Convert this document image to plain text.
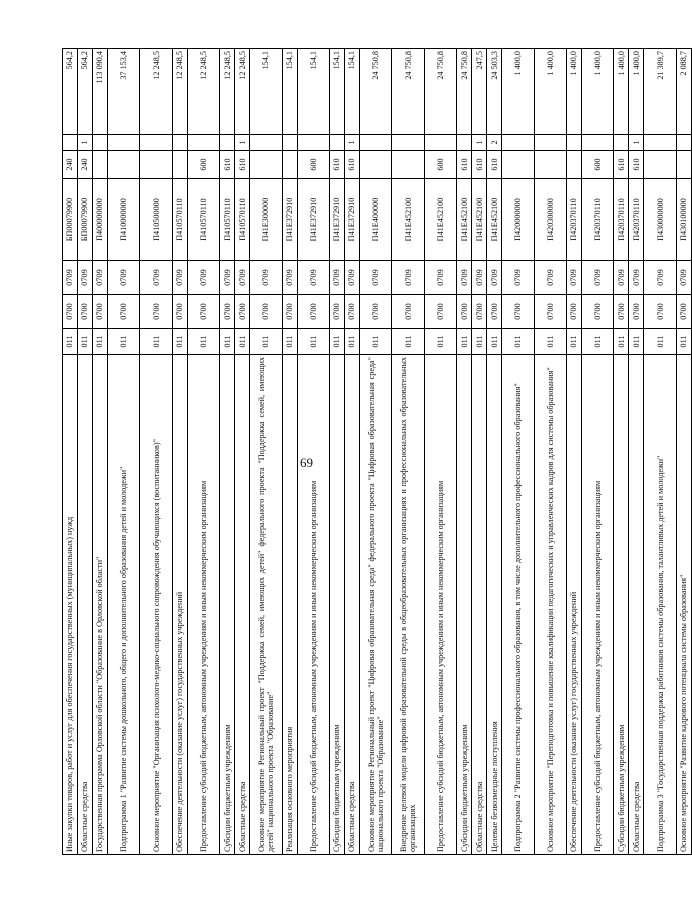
69
Иные закупки товаров, работ и услуг для обеспечения государственных (муниципальных) нужд	011	0700	0709	БП00079900	240		564,2
Областные средства	011	0700	0709	БП00079900	240	1	564,2
Государственная программа Орловской области "Образование в Орловской области"	011	0700	0709	П400000000			113 090,4
Подпрограмма 1 "Развитие системы дошкольного, общего и дополнительного образования детей и молодежи"	011	0700	0709	П410000000			37 153,4
Основное мероприятие "Организация психолого-медико-социального сопровождения обучающихся (воспитанников)"	011	0700	0709	П410500000			12 248,5
Обеспечение деятельности (оказание услуг) государственных учреждений	011	0700	0709	П410570110			12 248,5
Предоставление субсидий бюджетным, автономным учреждениям и иным некоммерческим организациям	011	0700	0709	П410570110	600		12 248,5
Субсидии бюджетным учреждениям	011	0700	0709	П410570110	610		12 248,5
Областные средства	011	0700	0709	П410570110	610	1	12 248,5
Основное мероприятие Региональный проект "Поддержка семей, имеющих детей" федерального проекта "Поддержка семей, имеющих детей" национального проекта "Образование"	011	0700	0709	П41Е300000			154,1
Реализация основного мероприятия	011	0700	0709	П41Е372910			154,1
Предоставление субсидий бюджетным, автономным учреждениям и иным некоммерческим организациям	011	0700	0709	П41Е372910	600		154,1
Субсидии бюджетным учреждениям	011	0700	0709	П41Е372910	610		154,1
Областные средства	011	0700	0709	П41Е372910	610	1	154,1
Основное мероприятие Региональный проект "Цифровая образовательная среда" федерального проекта "Цифровая образовательная среда" национального проекта "Образование"	011	0700	0709	П41Е400000			24 750,8
Внедрение целевой модели цифровой образовательной среды в общеобразовательных организациях и профессиональных образовательных организациях	011	0700	0709	П41Е452100			24 750,8
Предоставление субсидий бюджетным, автономным учреждениям и иным некоммерческим организациям	011	0700	0709	П41Е452100	600		24 750,8
Субсидии бюджетным учреждениям	011	0700	0709	П41Е452100	610		24 750,8
Областные средства	011	0700	0709	П41Е452100	610	1	247,5
Целевые безвозмездные поступления	011	0700	0709	П41Е452100	610	2	24 503,3
Подпрограмма 2 "Развитие системы профессионального образования, в том числе дополнительного профессионального образования"	011	0700	0709	П420000000			1 400,0
Основное мероприятие "Переподготовка и повышение квалификации педагогических и управленческих кадров для системы образования"	011	0700	0709	П420300000			1 400,0
Обеспечение деятельности (оказание услуг) государственных учреждений	011	0700	0709	П420370110			1 400,0
Предоставление субсидий бюджетным, автономным учреждениям и иным некоммерческим организациям	011	0700	0709	П420370110	600		1 400,0
Субсидии бюджетным учреждениям	011	0700	0709	П420370110	610		1 400,0
Областные средства	011	0700	0709	П420370110	610	1	1 400,0
Подпрограмма 3 "Государственная поддержка работников системы образования, талантливых детей и молодежи"	011	0700	0709	П430000000			21 389,7
Основное мероприятие "Развитие кадрового потенциала системы образования"	011	0700	0709	П430100000			2 088,7
